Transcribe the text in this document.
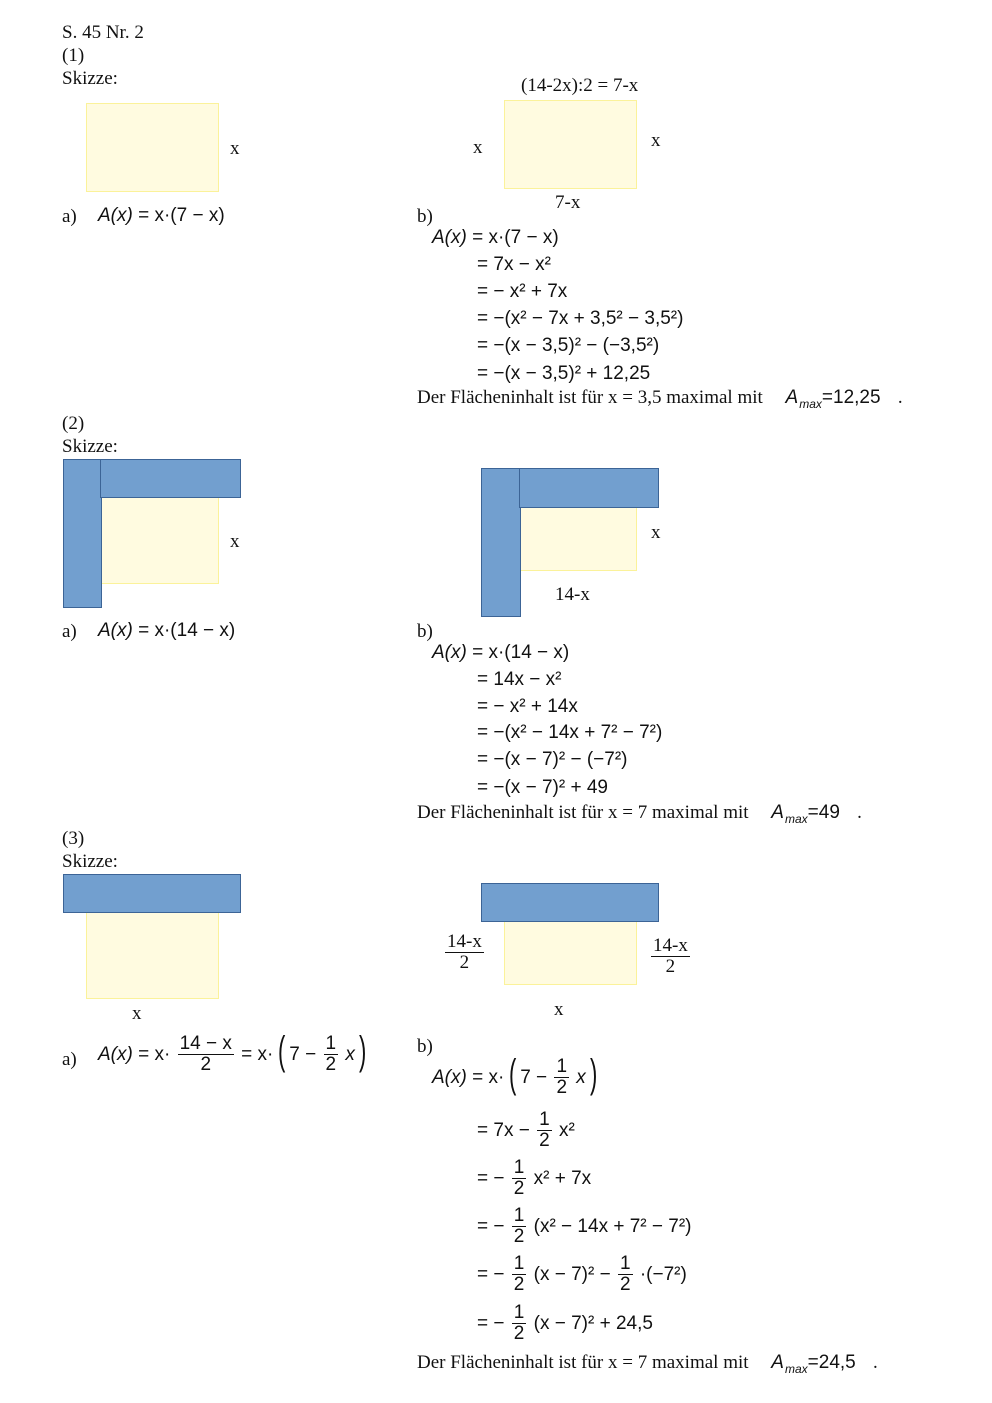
S. 45 Nr. 2
(1)
Skizze:
x
(14-2x):2 = 7-x
x	x
7-x
a) A(x) = x·(7 − x)	b)
A(x) = x·(7 − x)
= 7x − x²
= − x² + 7x
= −(x² − 7x + 3,5² − 3,5²)
= −(x − 3,5)² − (−3,5²)
= −(x − 3,5)² + 12,25
Der Flächeninhalt ist für x = 3,5 maximal mit $A_{max}=12,25$ .
(2)
Skizze:
x	x
14-x
a) A(x) = x·(14 − x)	b)
A(x) = x·(14 − x)
= 14x − x²
= − x² + 14x
= −(x² − 14x + 7² − 7²)
= −(x − 7)² − (−7²)
= −(x − 7)² + 49
Der Flächeninhalt ist für x = 7 maximal mit $A_{max}=49$ .
(3)
Skizze:
x
$\frac{14-x}{2}$	$\frac{14-x}{2}$
x
a) $A(x) = x\cdot \frac{14 - x}{2} = x\cdot$ ( $7 - \frac{1}{2}$ x )	b)
A(x) = x· ( $7 - \frac{1}{2}$ x )
= $7x - \frac{1}{2} x^2$
= − $\frac{1}{2} x^2 + 7x$
= − $\frac{1}{2} (x^2 - 14x + 7^2 - 7^2)$
= − $\frac{1}{2} (x - 7)^2 - \frac{1}{2} \cdot(-7^2)$
= − $\frac{1}{2} (x - 7)^2 + 24,5$
Der Flächeninhalt ist für x = 7 maximal mit $A_{max}=24,5$ .
